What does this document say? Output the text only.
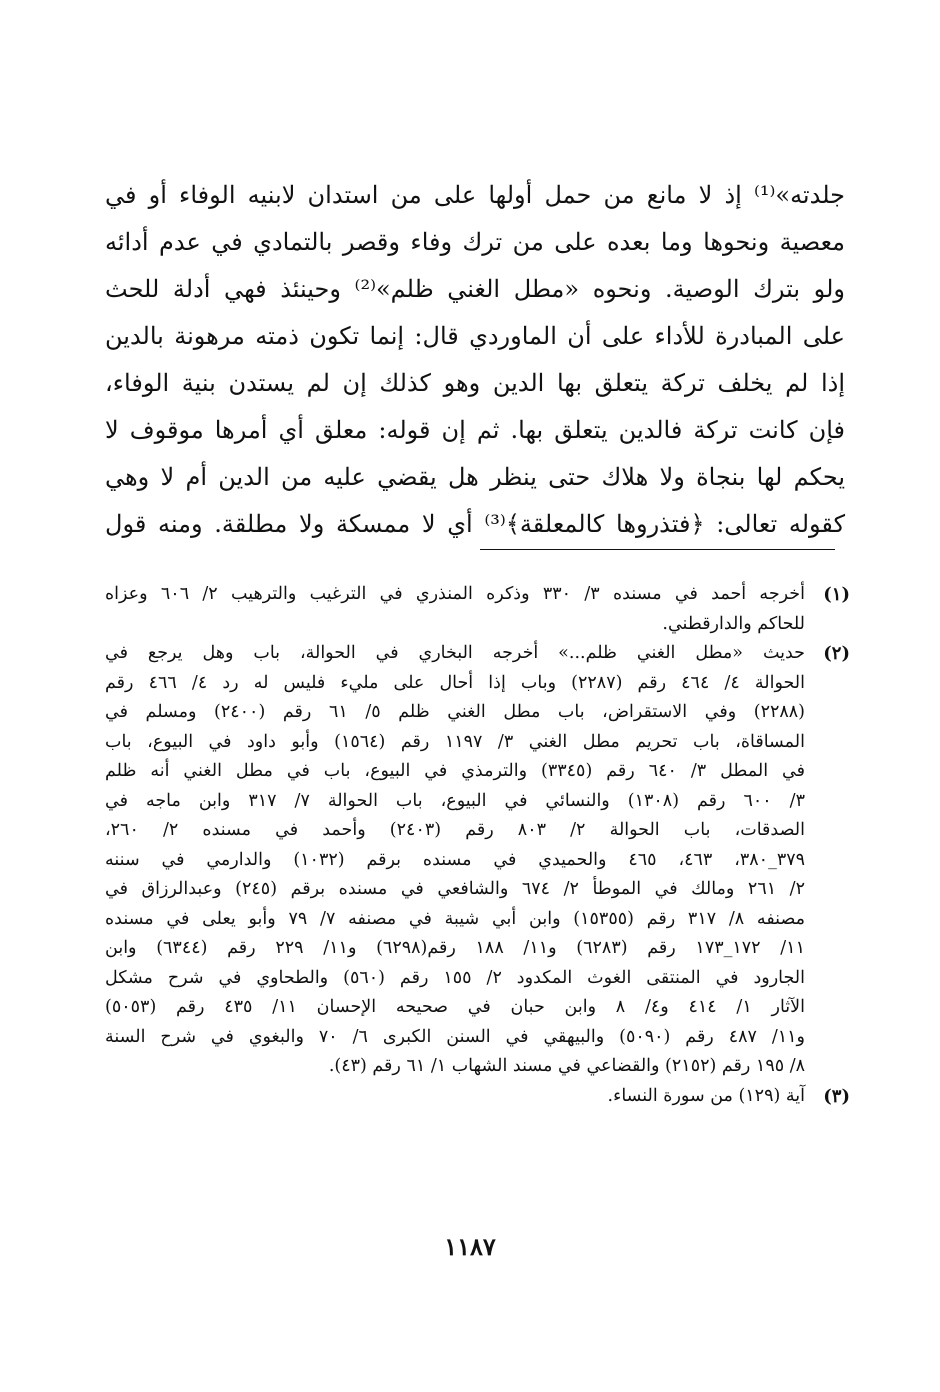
جلدته»⁽¹⁾ إذ لا مانع من حمل أولها على من استدان لابنيه الوفاء أو في
معصية ونحوها وما بعده على من ترك وفاء وقصر بالتمادي في عدم أدائه
ولو بترك الوصية. ونحوه «مطل الغني ظلم»⁽²⁾ وحينئذ فهي أدلة للحث
على المبادرة للأداء على أن الماوردي قال: إنما تكون ذمته مرهونة بالدين
إذا لم يخلف تركة يتعلق بها الدين وهو كذلك إن لم يستدن بنية الوفاء،
فإن كانت تركة فالدين يتعلق بها. ثم إن قوله: معلق أي أمرها موقوف لا
يحكم لها بنجاة ولا هلاك حتى ينظر هل يقضي عليه من الدين أم لا وهي
كقوله تعالى: ﴿فتذروها كالمعلقة﴾⁽³⁾ أي لا ممسكة ولا مطلقة. ومنه قول
(١)
أخرجه أحمد في مسنده ٣/ ٣٣٠ وذكره المنذري في الترغيب والترهيب ٢/ ٦٠٦ وعزاه
للحاكم والدارقطني.
(٢)
حديث «مطل الغني ظلم...» أخرجه البخاري في الحوالة، باب وهل يرجع في
الحوالة ٤/ ٤٦٤ رقم (٢٢٨٧) وباب إذا أحال على مليء فليس له رد ٤/ ٤٦٦ رقم
(٢٢٨٨) وفي الاستقراض، باب مطل الغني ظلم ٥/ ٦١ رقم (٢٤٠٠) ومسلم في
المساقاة، باب تحريم مطل الغني ٣/ ١١٩٧ رقم (١٥٦٤) وأبو داود في البيوع، باب
في المطل ٣/ ٦٤٠ رقم (٣٣٤٥) والترمذي في البيوع، باب في مطل الغني أنه ظلم
٣/ ٦٠٠ رقم (١٣٠٨) والنسائي في البيوع، باب الحوالة ٧/ ٣١٧ وابن ماجه في
الصدقات، باب الحوالة ٢/ ٨٠٣ رقم (٢٤٠٣) وأحمد في مسنده ٢/ ٢٦٠،
٣٧٩_٣٨٠، ٤٦٣، ٤٦٥ والحميدي في مسنده برقم (١٠٣٢) والدارمي في سننه
٢/ ٢٦١ ومالك في الموطأ ٢/ ٦٧٤ والشافعي في مسنده برقم (٢٤٥) وعبدالرزاق في
مصنفه ٨/ ٣١٧ رقم (١٥٣٥٥) وابن أبي شيبة في مصنفه ٧/ ٧٩ وأبو يعلى في مسنده
١١/ ١٧٢_١٧٣ رقم (٦٢٨٣) و١١/ ١٨٨ رقم(٦٢٩٨) و١١/ ٢٢٩ رقم (٦٣٤٤) وابن
الجارود في المنتقى الغوث المكدود ٢/ ١٥٥ رقم (٥٦٠) والطحاوي في شرح مشكل
الآثار ١/ ٤١٤ و٤/ ٨ وابن حبان في صحيحه الإحسان ١١/ ٤٣٥ رقم (٥٠٥٣)
و١١/ ٤٨٧ رقم (٥٠٩٠) والبيهقي في السنن الكبرى ٦/ ٧٠ والبغوي في شرح السنة
٨/ ١٩٥ رقم (٢١٥٢) والقضاعي في مسند الشهاب ١/ ٦١ رقم (٤٣).
(٣)
آية (١٢٩) من سورة النساء.
١١٨٧
